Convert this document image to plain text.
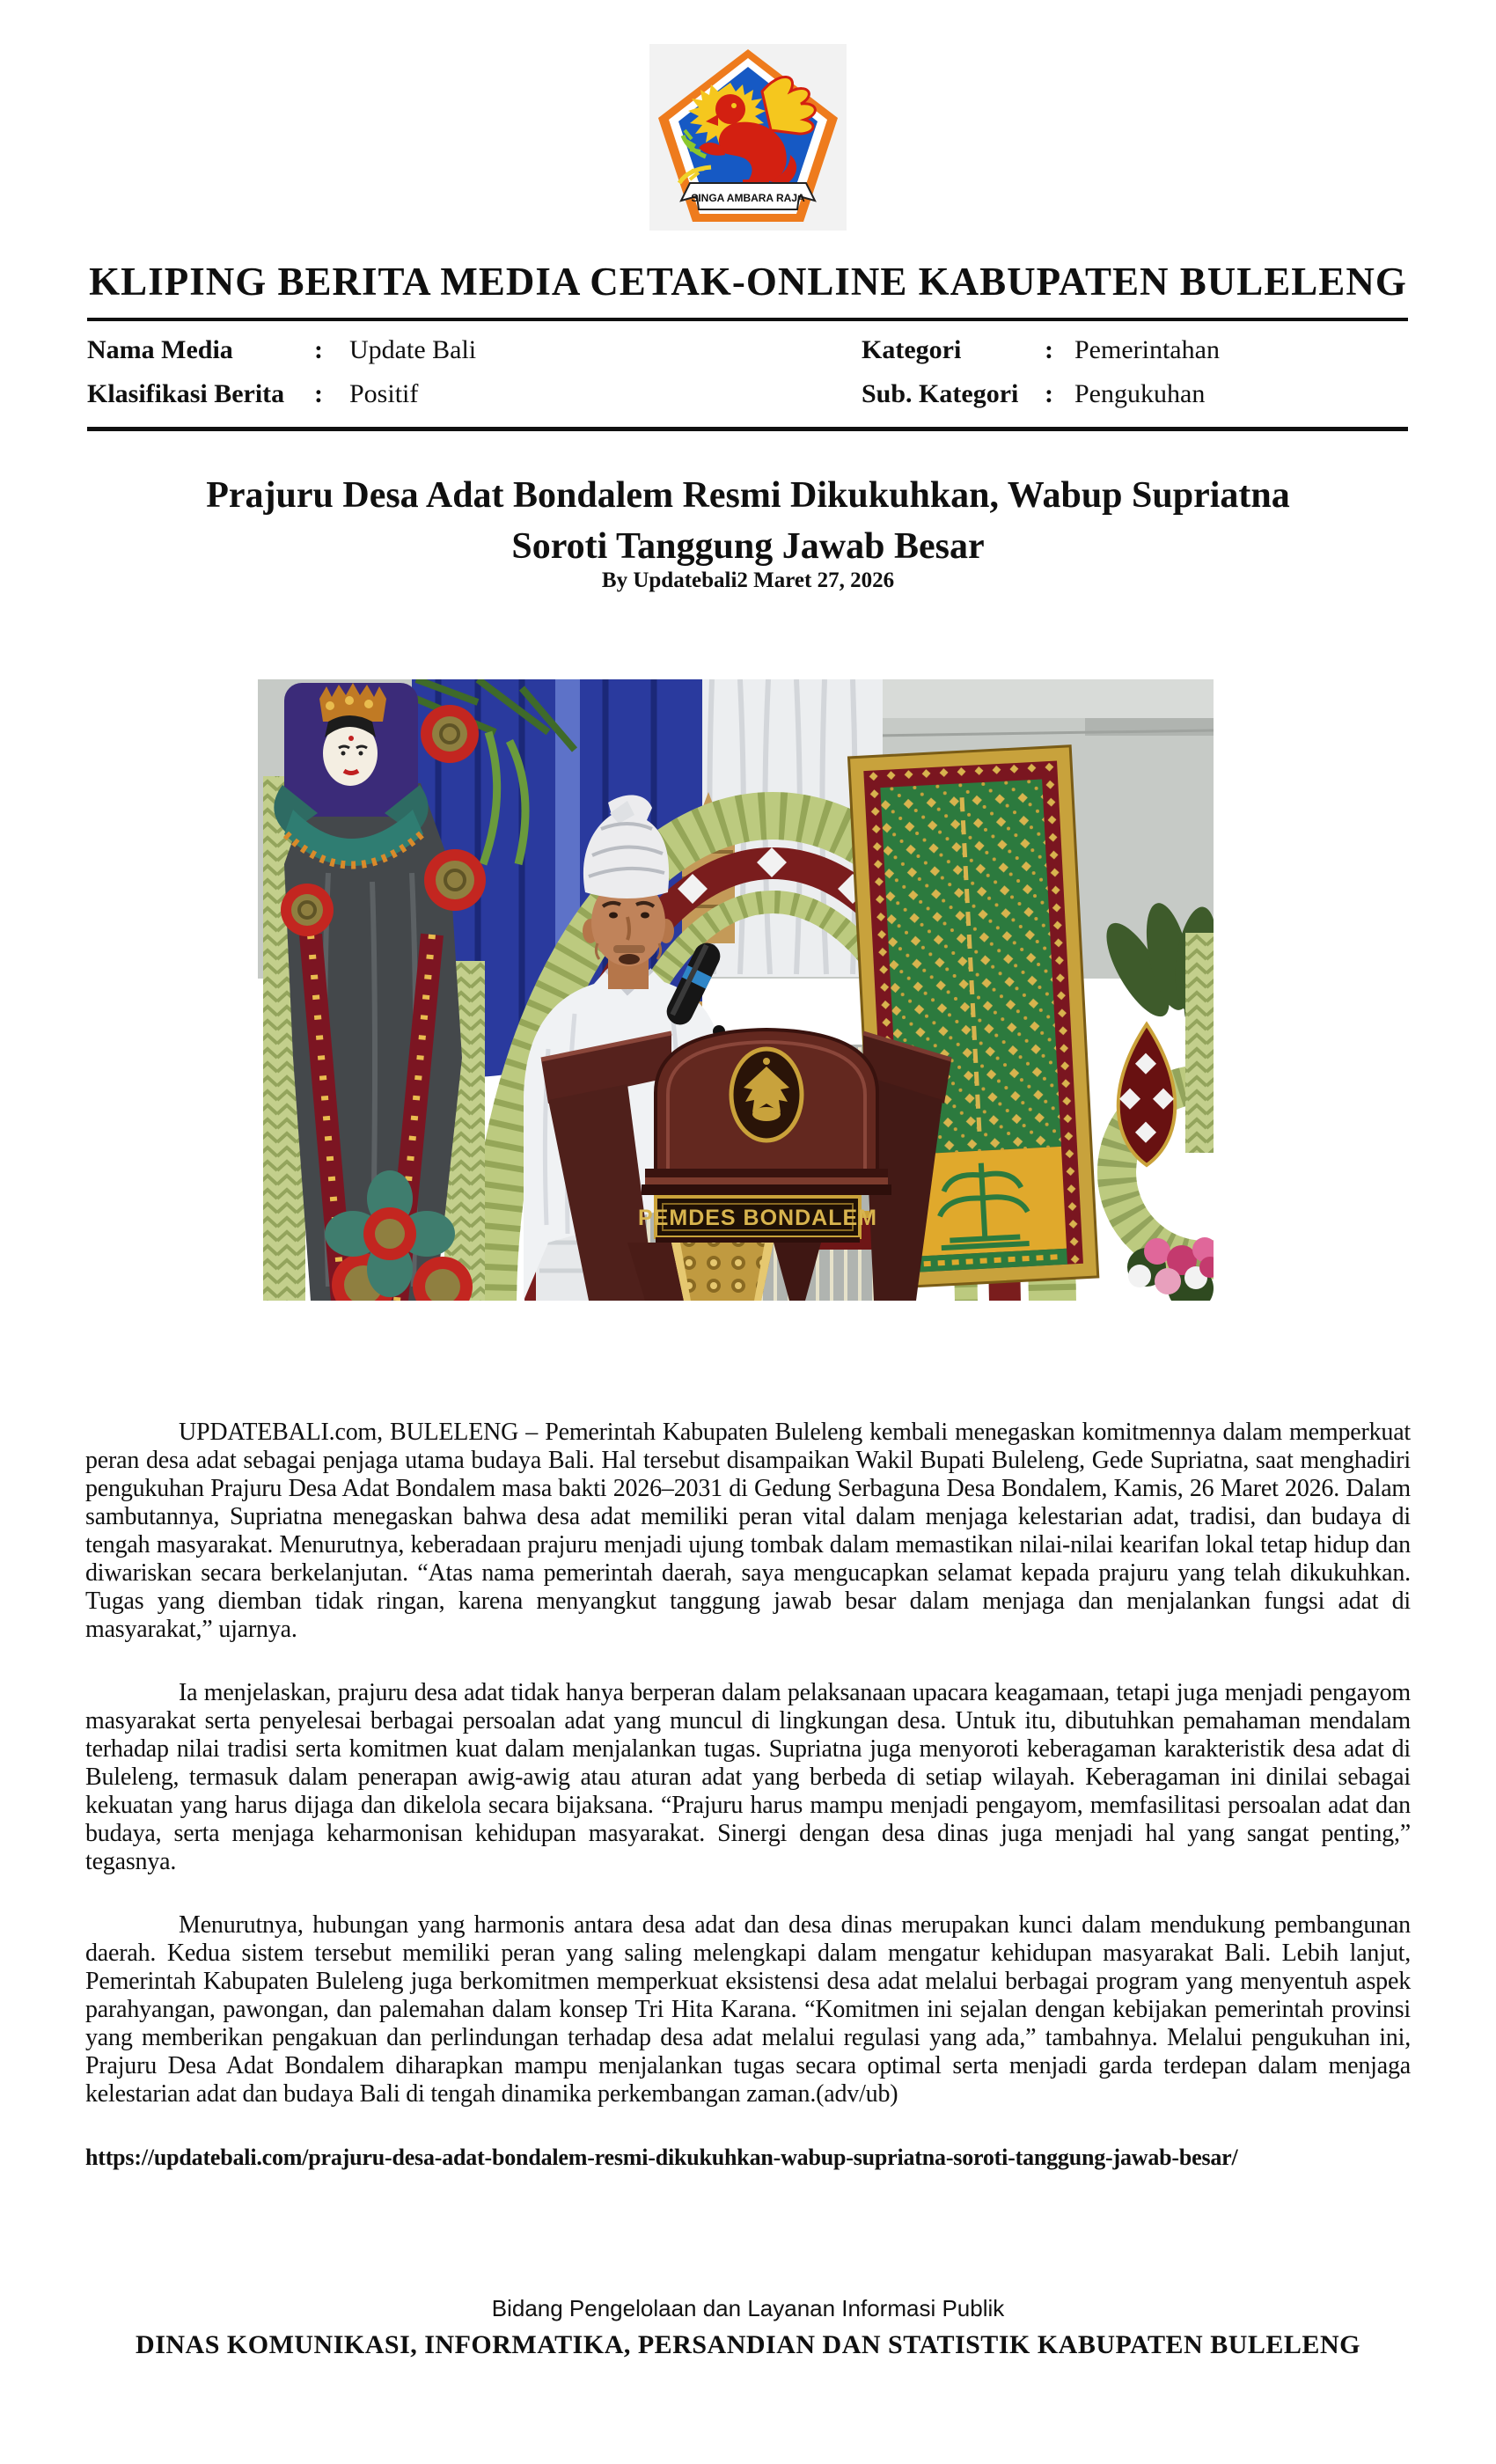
SINGA AMBARA RAJA
KLIPING BERITA MEDIA CETAK-ONLINE KABUPATEN BULELENG
Nama Media	:	Update Bali	Kategori	: Pemerintahan
Klasifikasi Berita	:	Positif	Sub. Kategori : Pengukuhan
Prajuru Desa Adat Bondalem Resmi Dikukuhkan, Wabup Supriatna
Soroti Tanggung Jawab Besar
By Updatebali2 Maret 27, 2026
PEMDES BONDALEM

UPDATEBALI.com, BULELENG – Pemerintah Kabupaten Buleleng kembali menegaskan komitmennya dalam memperkuat peran desa adat sebagai penjaga utama budaya Bali. Hal tersebut disampaikan Wakil Bupati Buleleng, Gede Supriatna, saat menghadiri pengukuhan Prajuru Desa Adat Bondalem masa bakti 2026–2031 di Gedung Serbaguna Desa Bondalem, Kamis, 26 Maret 2026. Dalam sambutannya, Supriatna menegaskan bahwa desa adat memiliki peran vital dalam menjaga kelestarian adat, tradisi, dan budaya di tengah masyarakat. Menurutnya, keberadaan prajuru menjadi ujung tombak dalam memastikan nilai-nilai kearifan lokal tetap hidup dan diwariskan secara berkelanjutan. “Atas nama pemerintah daerah, saya mengucapkan selamat kepada prajuru yang telah dikukuhkan. Tugas yang diemban tidak ringan, karena menyangkut tanggung jawab besar dalam menjaga dan menjalankan fungsi adat di masyarakat,” ujarnya.

Ia menjelaskan, prajuru desa adat tidak hanya berperan dalam pelaksanaan upacara keagamaan, tetapi juga menjadi pengayom masyarakat serta penyelesai berbagai persoalan adat yang muncul di lingkungan desa. Untuk itu, dibutuhkan pemahaman mendalam terhadap nilai tradisi serta komitmen kuat dalam menjalankan tugas. Supriatna juga menyoroti keberagaman karakteristik desa adat di Buleleng, termasuk dalam penerapan awig-awig atau aturan adat yang berbeda di setiap wilayah. Keberagaman ini dinilai sebagai kekuatan yang harus dijaga dan dikelola secara bijaksana. “Prajuru harus mampu menjadi pengayom, memfasilitasi persoalan adat dan budaya, serta menjaga keharmonisan kehidupan masyarakat. Sinergi dengan desa dinas juga menjadi hal yang sangat penting,” tegasnya.

Menurutnya, hubungan yang harmonis antara desa adat dan desa dinas merupakan kunci dalam mendukung pembangunan daerah. Kedua sistem tersebut memiliki peran yang saling melengkapi dalam mengatur kehidupan masyarakat Bali. Lebih lanjut, Pemerintah Kabupaten Buleleng juga berkomitmen memperkuat eksistensi desa adat melalui berbagai program yang menyentuh aspek parahyangan, pawongan, dan palemahan dalam konsep Tri Hita Karana. “Komitmen ini sejalan dengan kebijakan pemerintah provinsi yang memberikan pengakuan dan perlindungan terhadap desa adat melalui regulasi yang ada,” tambahnya. Melalui pengukuhan ini, Prajuru Desa Adat Bondalem diharapkan mampu menjalankan tugas secara optimal serta menjadi garda terdepan dalam menjaga kelestarian adat dan budaya Bali di tengah dinamika perkembangan zaman.(adv/ub)

https://updatebali.com/prajuru-desa-adat-bondalem-resmi-dikukuhkan-wabup-supriatna-soroti-tanggung-jawab-besar/
Bidang Pengelolaan dan Layanan Informasi Publik
DINAS KOMUNIKASI, INFORMATIKA, PERSANDIAN DAN STATISTIK KABUPATEN BULELENG
